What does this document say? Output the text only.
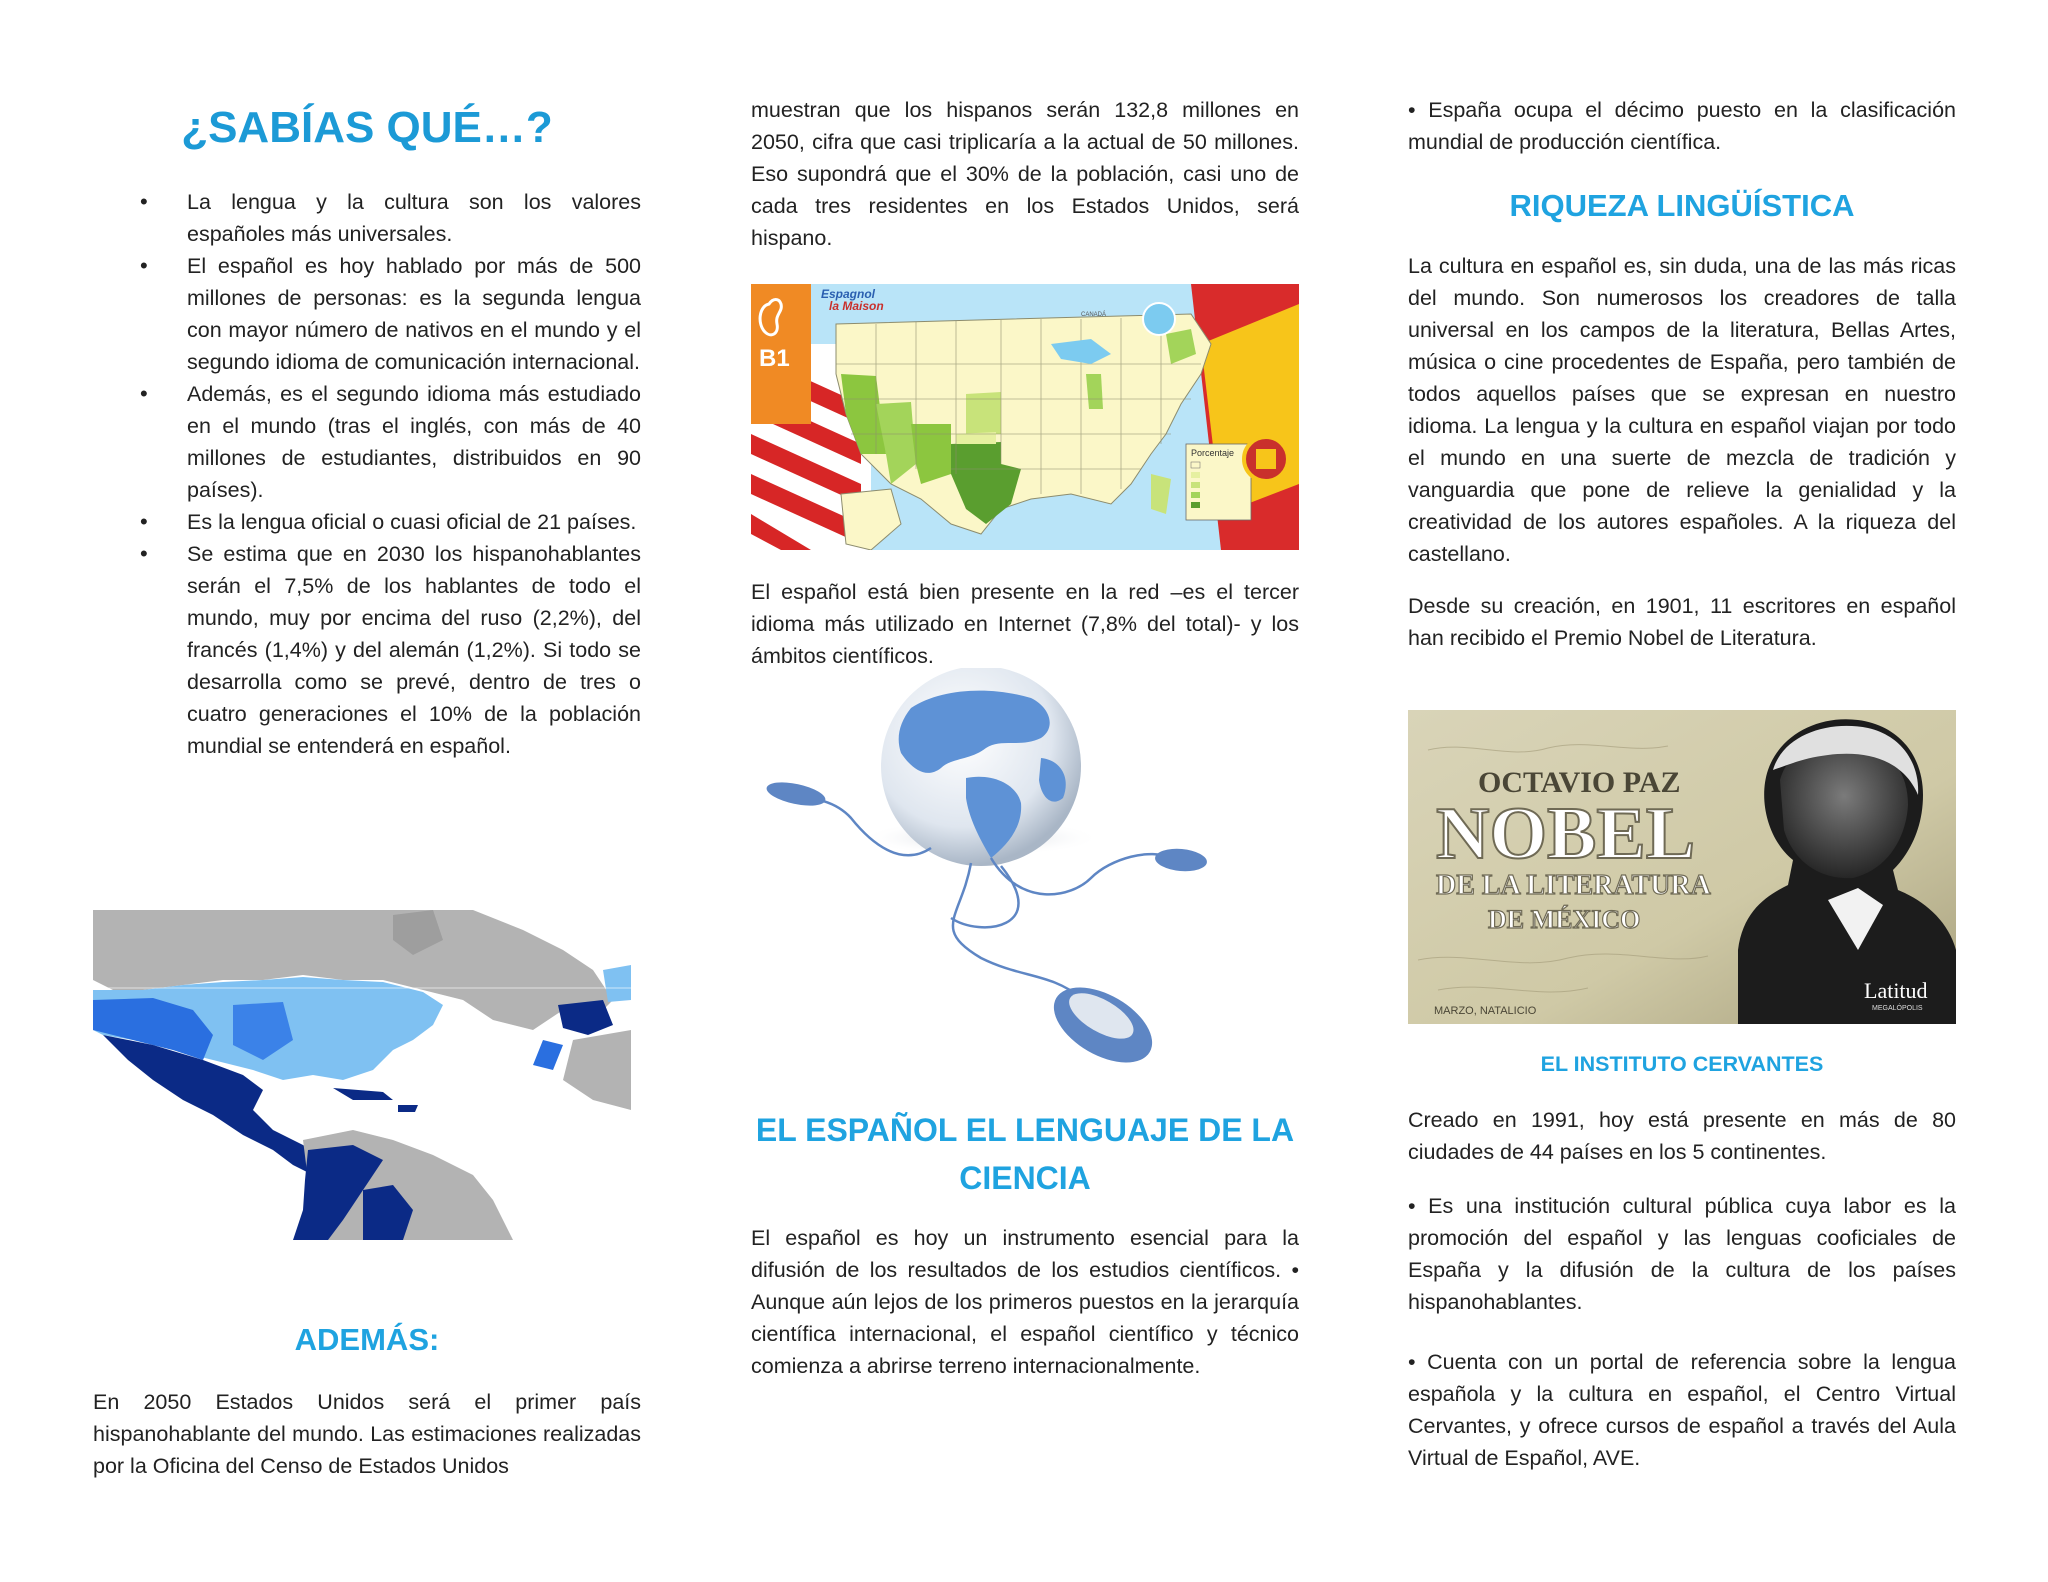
¿SABÍAS QUÉ…?
• La lengua y la cultura son los valores españoles más universales.
• El español es hoy hablado por más de 500 millones de personas: es la segunda lengua con mayor número de nativos en el mundo y el segundo idioma de comunicación internacional.
• Además, es el segundo idioma más estudiado en el mundo (tras el inglés, con más de 40 millones de estudiantes, distribuidos en 90 países).
• Es la lengua oficial o cuasi oficial de 21 países.
• Se estima que en 2030 los hispanohablantes serán el 7,5% de los hablantes de todo el mundo, muy por encima del ruso (2,2%), del francés (1,4%) y del alemán (1,2%). Si todo se desarrolla como se prevé, dentro de tres o cuatro generaciones el 10% de la población mundial se entenderá en español.
ADEMÁS:

En 2050 Estados Unidos será el primer país hispanohablante del mundo. Las estimaciones realizadas por la Oficina del Censo de Estados Unidos

muestran que los hispanos serán 132,8 millones en 2050, cifra que casi triplicaría a la actual de 50 millones. Eso supondrá que el 30% de la población, casi uno de cada tres residentes en los Estados Unidos, será hispano.

Porcentaje
Espagnol
la Maison
CANADÁ
B1

El español está bien presente en la red –es el tercer idioma más utilizado en Internet (7,8% del total)- y los ámbitos científicos.

EL ESPAÑOL EL LENGUAJE DE LA CIENCIA

El español es hoy un instrumento esencial para la difusión de los resultados de los estudios científicos. • Aunque aún lejos de los primeros puestos en la jerarquía científica internacional, el español científico y técnico comienza a abrirse terreno internacionalmente.

• España ocupa el décimo puesto en la clasificación mundial de producción científica.

RIQUEZA LINGÜÍSTICA

La cultura en español es, sin duda, una de las más ricas del mundo. Son numerosos los creadores de talla universal en los campos de la literatura, Bellas Artes, música o cine procedentes de España, pero también de todos aquellos países que se expresan en nuestro idioma. La lengua y la cultura en español viajan por todo el mundo en una suerte de mezcla de tradición y vanguardia que pone de relieve la genialidad y la creatividad de los autores españoles. A la riqueza del castellano.

Desde su creación, en 1901, 11 escritores en español han recibido el Premio Nobel de Literatura.

OCTAVIO PAZ
NOBEL
DE LA LITERATURA
DE MÉXICO
MARZO, NATALICIO
Latitud
MEGALÓPOLIS
EL INSTITUTO CERVANTES

Creado en 1991, hoy está presente en más de 80 ciudades de 44 países en los 5 continentes.

• Es una institución cultural pública cuya labor es la promoción del español y las lenguas cooficiales de España y la difusión de la cultura de los países hispanohablantes.

• Cuenta con un portal de referencia sobre la lengua española y la cultura en español, el Centro Virtual Cervantes, y ofrece cursos de español a través del Aula Virtual de Español, AVE.
